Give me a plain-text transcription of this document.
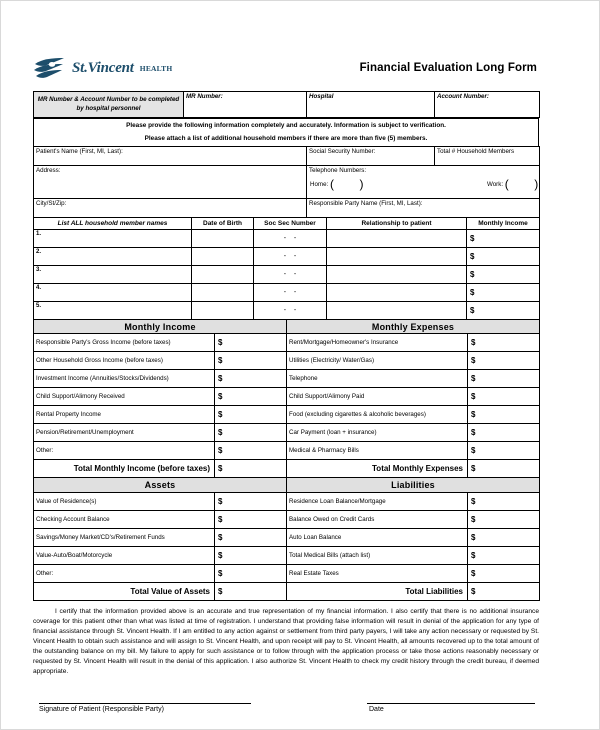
St.Vincent HEALTH	Financial Evaluation Long Form
MR Number & Account Number to be completed by hospital personnel	MR Number:	Hospital	Account Number:
Please provide the following information completely and accurately. Information is subject to verification.
Please attach a list of additional household members if there are more than five (5) members.
Patient's Name (First, MI, Last):	Social Security Number:	Total # Household Members
Address:	Telephone Numbers:
Home: ( ) Work: ( )	

City/St/Zip:	Responsible Party Name (First, MI, Last):	
List ALL household member names	Date of Birth	Soc Sec Number	Relationship to patient	Monthly Income
1.		-    -		$
2.		-    -		$
3.		-    -		$
4.		-    -		$
5.		-    -		$
Monthly Income		Monthly Expenses	
Responsible Party's Gross Income (before taxes)	$	Rent/Mortgage/Homeowner's Insurance	$
Other Household Gross Income (before taxes)	$	Utilities (Electricity/ Water/Gas)	$
Investment Income (Annuities/Stocks/Dividends)	$	Telephone	$
Child Support/Alimony Received	$	Child Support/Alimony Paid	$
Rental Property Income	$	Food (excluding cigarettes & alcoholic beverages)	$
Pension/Retirement/Unemployment	$	Car Payment (loan + insurance)	$
Other:	$	Medical & Pharmacy Bills	$
Total Monthly Income (before taxes)	$	Total Monthly Expenses	$
Assets		Liabilities	
Value of Residence(s)	$	Residence Loan Balance/Mortgage	$
Checking Account Balance	$	Balance Owed on Credit Cards	$
Savings/Money Market/CD's/Retirement Funds	$	Auto Loan Balance	$
Value-Auto/Boat/Motorcycle	$	Total Medical Bills (attach list)	$
Other:	$	Real Estate Taxes	$
Total Value of Assets	$	Total Liabilities	$
I certify that the information provided above is an accurate and true representation of my financial information. I also certify that there is no additional insurance coverage for this patient other than what was listed at time of registration. I understand that providing false information will result in denial of the application for any type of financial assistance through St. Vincent Health. If I am entitled to any action against or settlement from third party payers, I will take any action necessary or requested by St. Vincent Health to obtain such assistance and will assign to St. Vincent Health, and upon receipt will pay to St. Vincent Health, all amounts recovered up to the total amount of the outstanding balance on my bill. My failure to apply for such assistance or to follow through with the application process or take those actions reasonably necessary or requested by St. Vincent Health will result in the denial of this application. I also authorize St. Vincent Health to check my credit history through the credit bureau, if deemed appropriate.
Signature of Patient (Responsible Party)	Date
